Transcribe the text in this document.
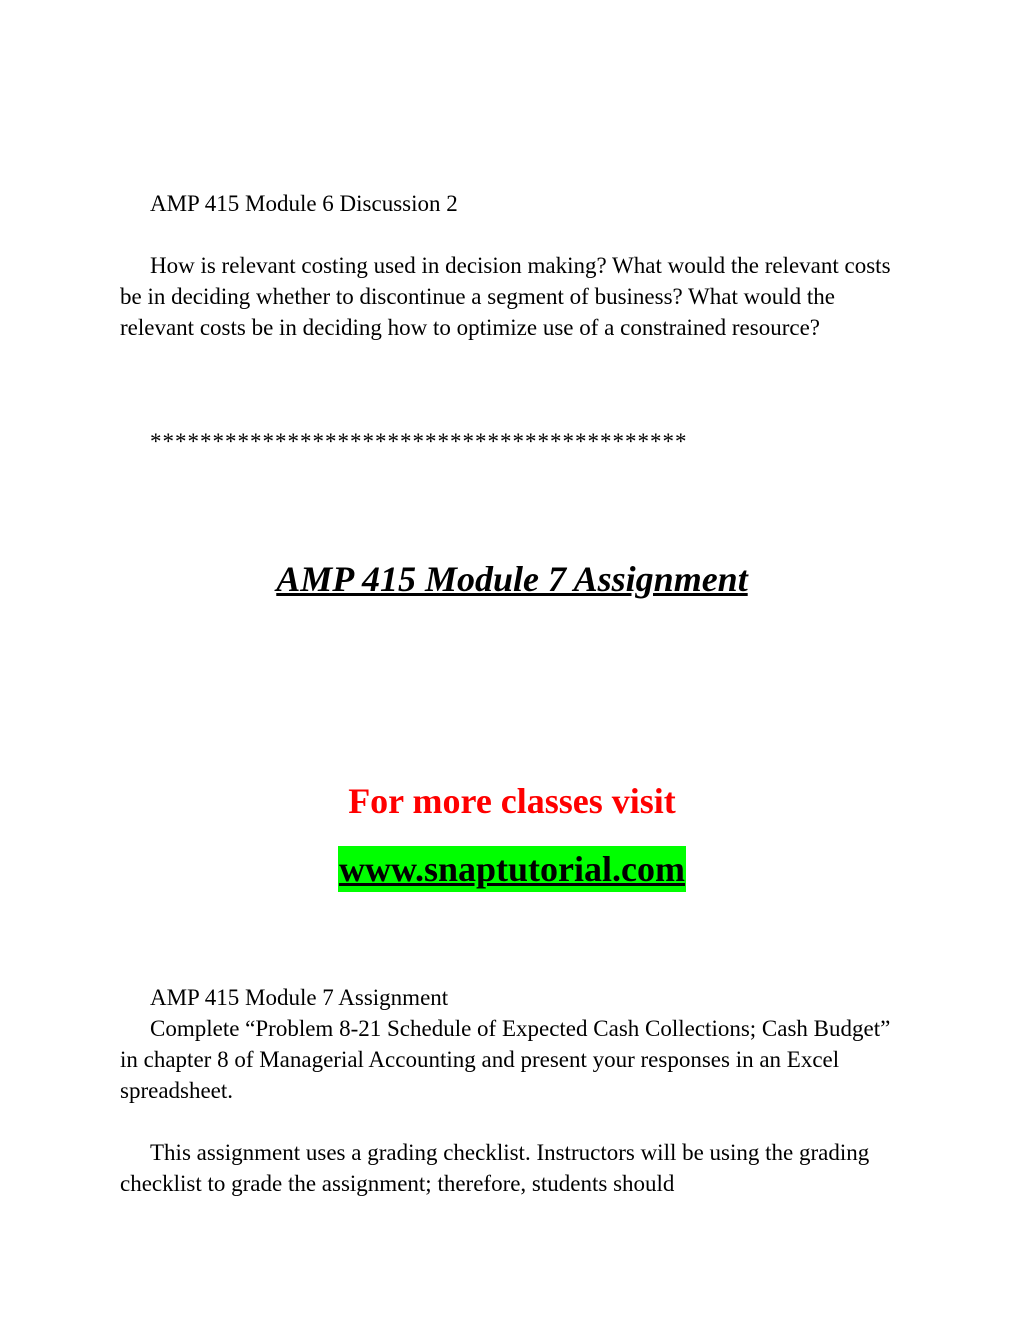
AMP 415 Module 6 Discussion 2

How is relevant costing used in decision making? What would the relevant costs be in deciding whether to discontinue a segment of business? What would the relevant costs be in deciding how to optimize use of a constrained resource?

*******************************************

AMP 415 Module 7 Assignment

For more classes visit

www.snaptutorial.com

AMP 415 Module 7 Assignment

Complete “Problem 8-21 Schedule of Expected Cash Collections; Cash Budget” in chapter 8 of Managerial Accounting and present your responses in an Excel spreadsheet.

This assignment uses a grading checklist. Instructors will be using the grading checklist to grade the assignment; therefore, students should
